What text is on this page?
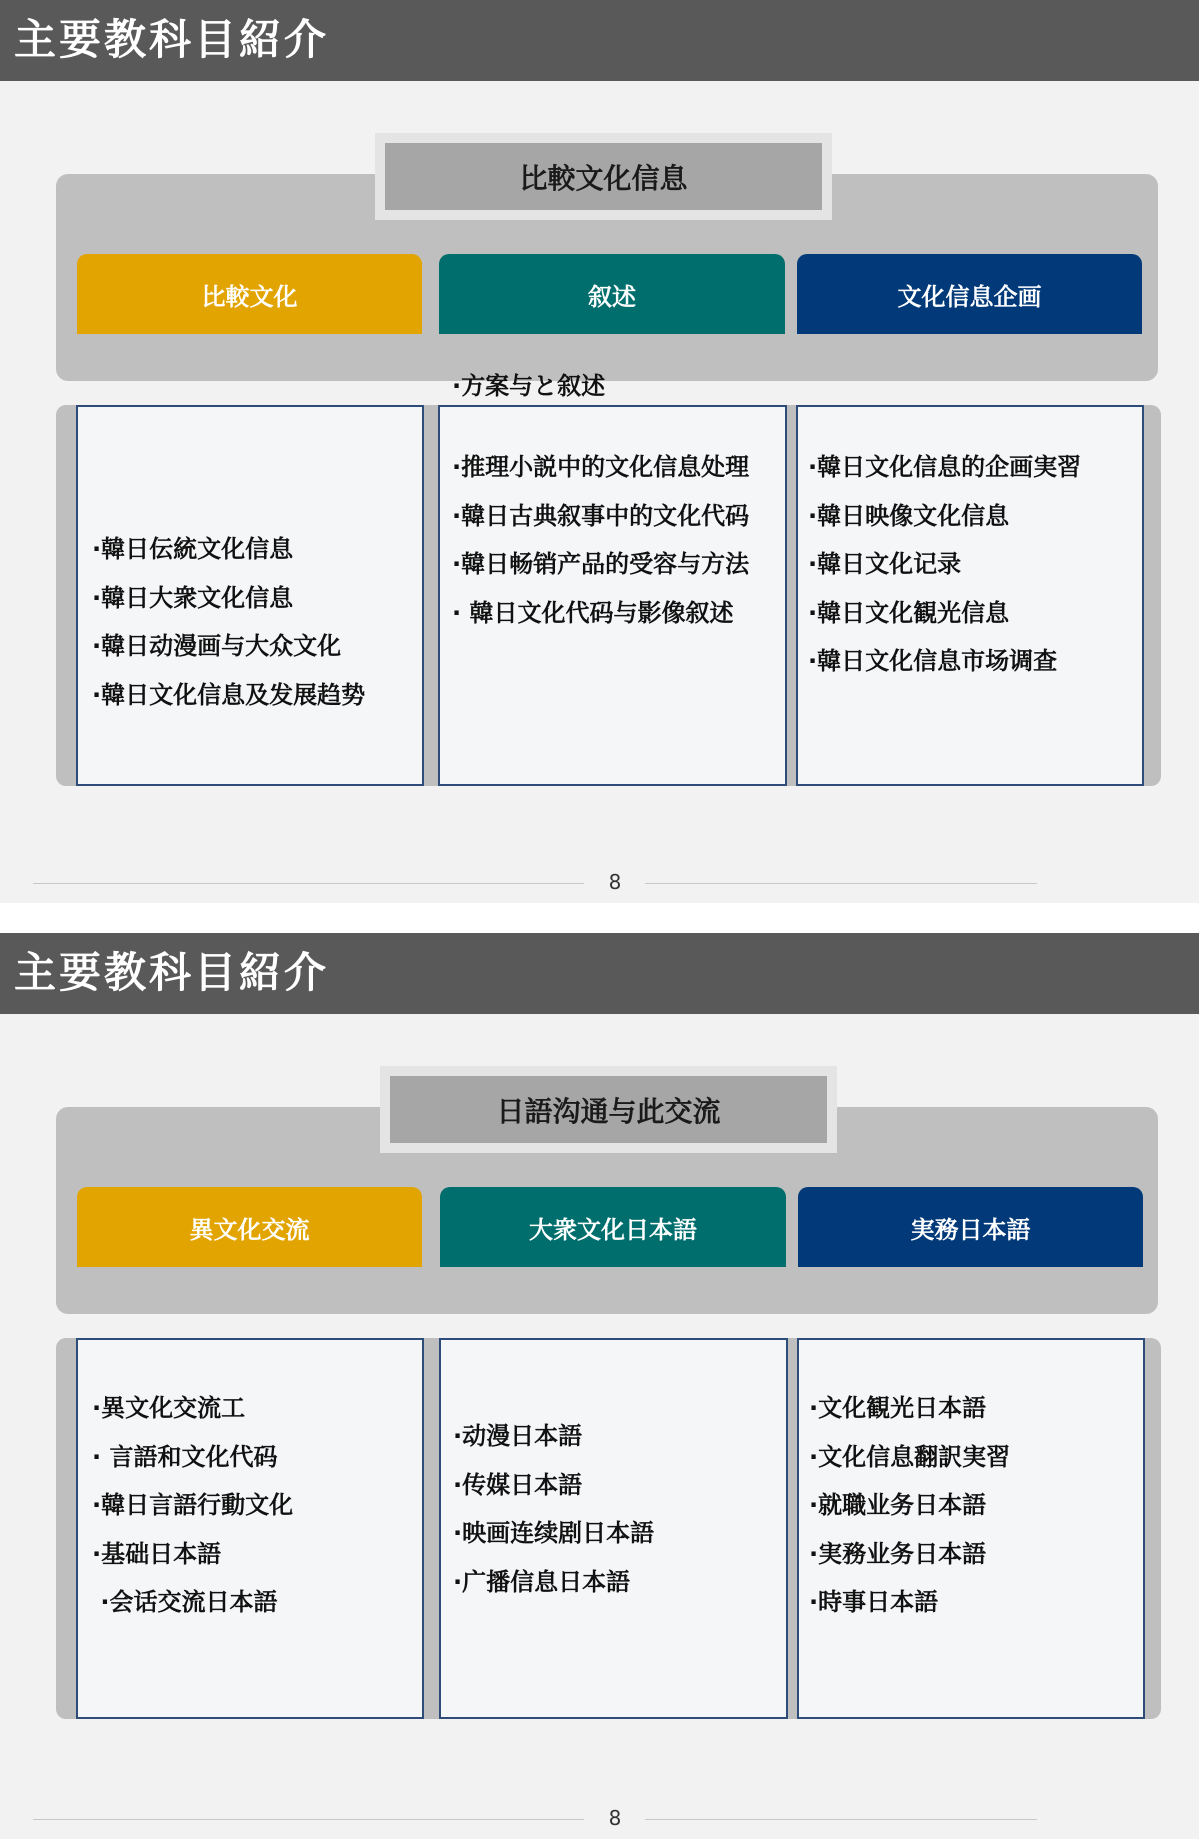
主要教科目紹介
比較文化信息
比較文化	叙述	文化信息企画
·方案与と叙述
·韓日伝統文化信息
·韓日大衆文化信息
·韓日动漫画与大众文化
·韓日文化信息及发展趋势
·推理小説中的文化信息处理
·韓日古典叙事中的文化代码
·韓日畅销产品的受容与方法
· 韓日文化代码与影像叙述
·韓日文化信息的企画実習
·韓日映像文化信息
·韓日文化记录
·韓日文化観光信息
·韓日文化信息市场调查
8
主要教科目紹介
日語沟通与此交流
異文化交流	大衆文化日本語	実務日本語
·異文化交流工
· 言語和文化代码
·韓日言語行動文化
·基础日本語
·会话交流日本語
·动漫日本語
·传媒日本語
·映画连续剧日本語
·广播信息日本語
·文化観光日本語
·文化信息翻訳実習
·就職业务日本語
·実務业务日本語
·時事日本語
8
